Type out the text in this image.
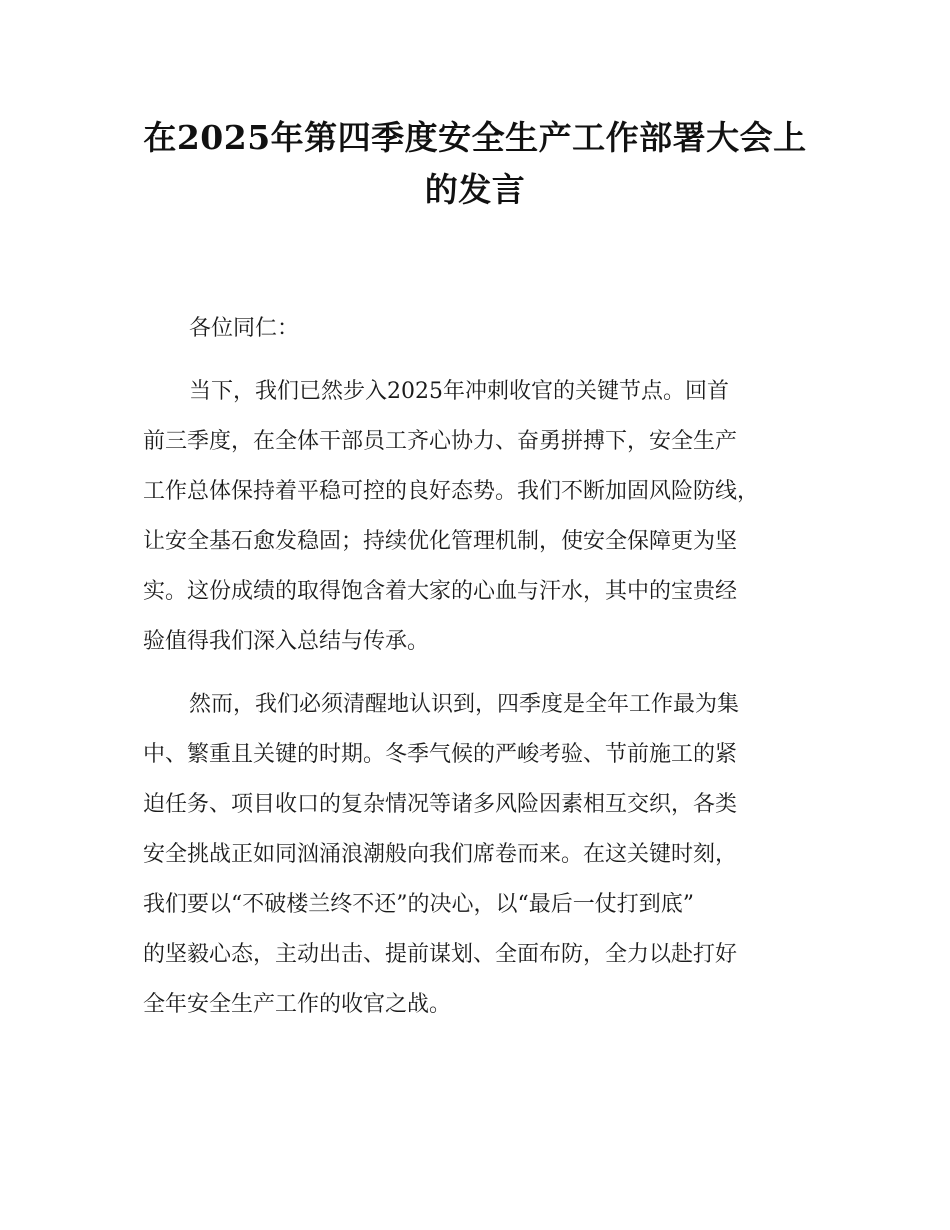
在2025年第四季度安全生产工作部署大会上
的发言

各位同仁：

当下，我们已然步入2025年冲刺收官的关键节点。回首
前三季度，在全体干部员工齐心协力、奋勇拼搏下，安全生产
工作总体保持着平稳可控的良好态势。我们不断加固风险防线，
让安全基石愈发稳固；持续优化管理机制，使安全保障更为坚
实。这份成绩的取得饱含着大家的心血与汗水，其中的宝贵经
验值得我们深入总结与传承。

然而，我们必须清醒地认识到，四季度是全年工作最为集
中、繁重且关键的时期。冬季气候的严峻考验、节前施工的紧
迫任务、项目收口的复杂情况等诸多风险因素相互交织，各类
安全挑战正如同汹涌浪潮般向我们席卷而来。在这关键时刻，
我们要以“不破楼兰终不还”的决心，以“最后一仗打到底”
的坚毅心态，主动出击、提前谋划、全面布防，全力以赴打好
全年安全生产工作的收官之战。
